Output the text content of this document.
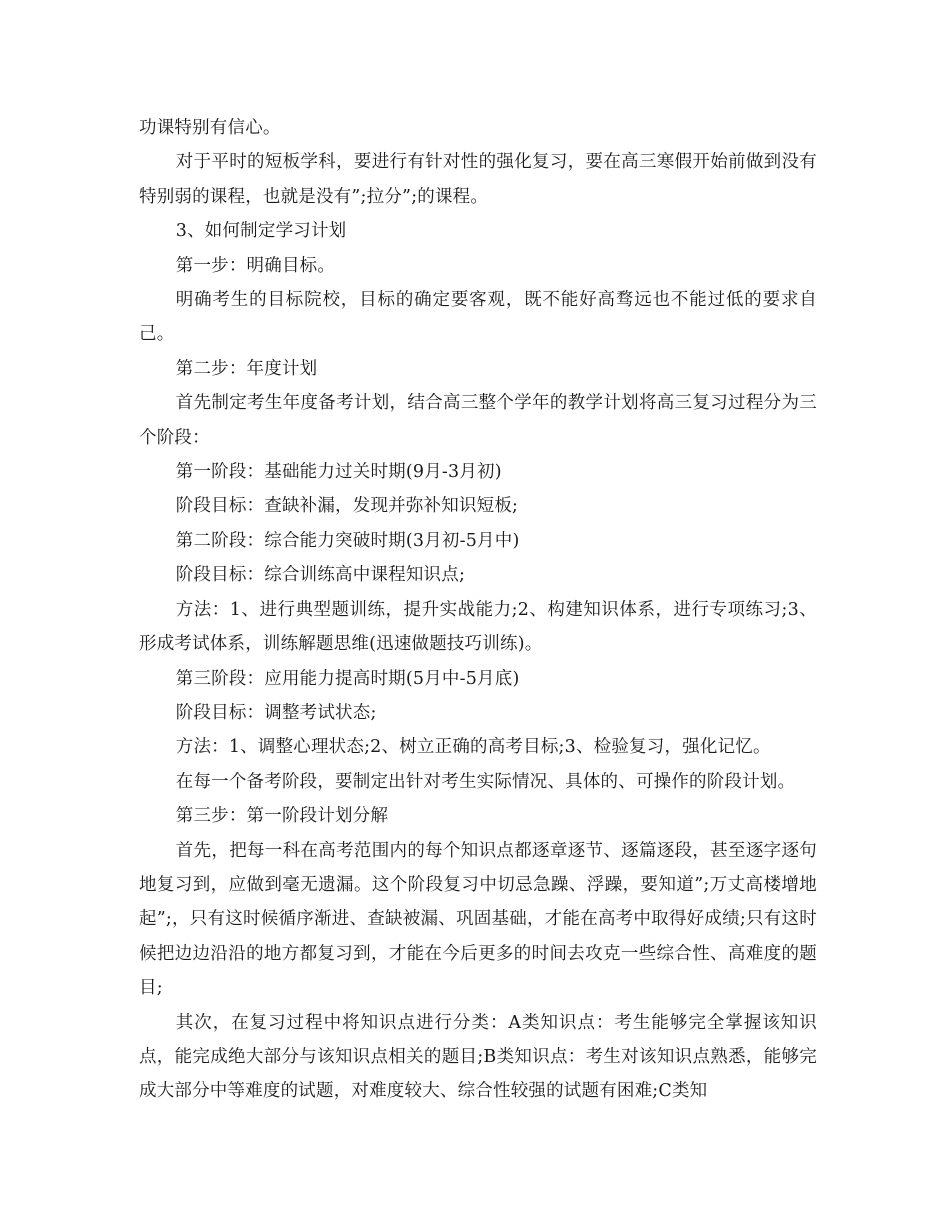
功课特别有信心。

对于平时的短板学科，要进行有针对性的强化复习，要在高三寒假开始前做到没有特别弱的课程，也就是没有”;拉分”;的课程。

3、如何制定学习计划

第一步：明确目标。

明确考生的目标院校，目标的确定要客观，既不能好高骛远也不能过低的要求自己。

第二步：年度计划

首先制定考生年度备考计划，结合高三整个学年的教学计划将高三复习过程分为三个阶段：

第一阶段：基础能力过关时期(9月-3月初)

阶段目标：查缺补漏，发现并弥补知识短板;

第二阶段：综合能力突破时期(3月初-5月中)

阶段目标：综合训练高中课程知识点;

方法：1、进行典型题训练，提升实战能力;2、构建知识体系，进行专项练习;3、形成考试体系，训练解题思维(迅速做题技巧训练)。

第三阶段：应用能力提高时期(5月中-5月底)

阶段目标：调整考试状态;

方法：1、调整心理状态;2、树立正确的高考目标;3、检验复习，强化记忆。

在每一个备考阶段，要制定出针对考生实际情况、具体的、可操作的阶段计划。

第三步：第一阶段计划分解

首先，把每一科在高考范围内的每个知识点都逐章逐节、逐篇逐段，甚至逐字逐句地复习到，应做到毫无遗漏。这个阶段复习中切忌急躁、浮躁，要知道”;万丈高楼增地起”;，只有这时候循序渐进、查缺被漏、巩固基础，才能在高考中取得好成绩;只有这时候把边边沿沿的地方都复习到，才能在今后更多的时间去攻克一些综合性、高难度的题目;

其次，在复习过程中将知识点进行分类：A类知识点：考生能够完全掌握该知识点，能完成绝大部分与该知识点相关的题目;B类知识点：考生对该知识点熟悉，能够完成大部分中等难度的试题，对难度较大、综合性较强的试题有困难;C类知
